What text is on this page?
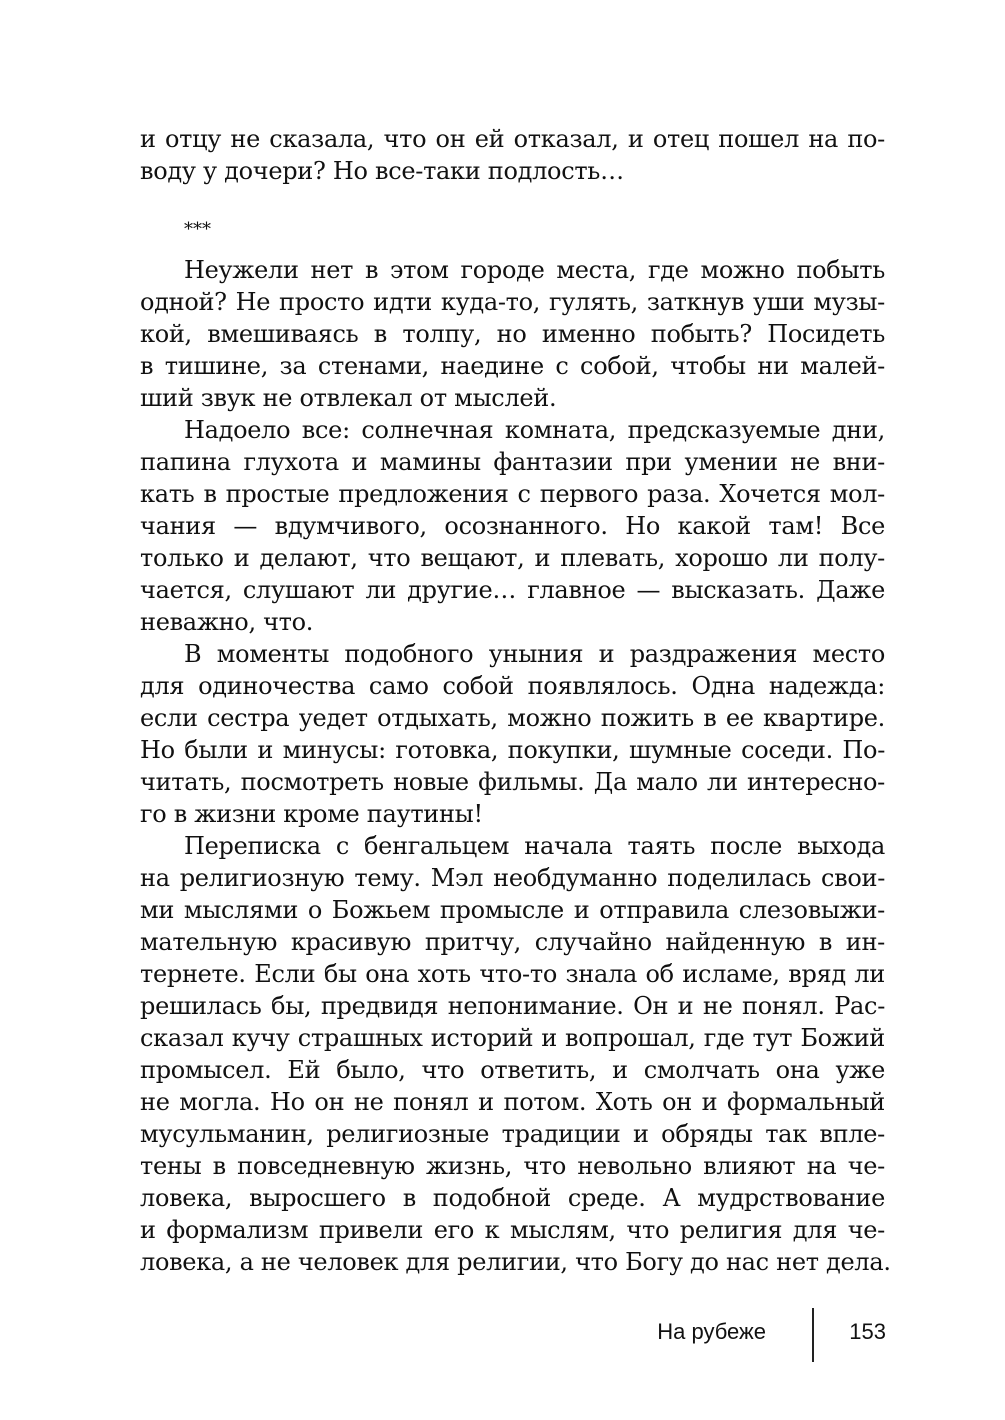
и отцу не сказала, что он ей отказал, и отец пошел на по-
воду у дочери? Но все-таки подлость…
***
Неужели нет в этом городе места, где можно побыть
одной? Не просто идти куда-то, гулять, заткнув уши музы-
кой, вмешиваясь в толпу, но именно побыть? Посидеть
в тишине, за стенами, наедине с собой, чтобы ни малей-
ший звук не отвлекал от мыслей.
Надоело все: солнечная комната, предсказуемые дни,
папина глухота и мамины фантазии при умении не вни-
кать в простые предложения с первого раза. Хочется мол-
чания — вдумчивого, осознанного. Но какой там! Все
только и делают, что вещают, и плевать, хорошо ли полу-
чается, слушают ли другие… главное — высказать. Даже
неважно, что.
В моменты подобного уныния и раздражения место
для одиночества само собой появлялось. Одна надежда:
если сестра уедет отдыхать, можно пожить в ее квартире.
Но были и минусы: готовка, покупки, шумные соседи. По-
читать, посмотреть новые фильмы. Да мало ли интересно-
го в жизни кроме паутины!
Переписка с бенгальцем начала таять после выхода
на религиозную тему. Мэл необдуманно поделилась свои-
ми мыслями о Божьем промысле и отправила слезовыжи-
мательную красивую притчу, случайно найденную в ин-
тернете. Если бы она хоть что-то знала об исламе, вряд ли
решилась бы, предвидя непонимание. Он и не понял. Рас-
сказал кучу страшных историй и вопрошал, где тут Божий
промысел. Ей было, что ответить, и смолчать она уже
не могла. Но он не понял и потом. Хоть он и формальный
мусульманин, религиозные традиции и обряды так впле-
тены в повседневную жизнь, что невольно влияют на че-
ловека, выросшего в подобной среде. А мудрствование
и формализм привели его к мыслям, что религия для че-
ловека, а не человек для религии, что Богу до нас нет дела.
На рубеже	153
